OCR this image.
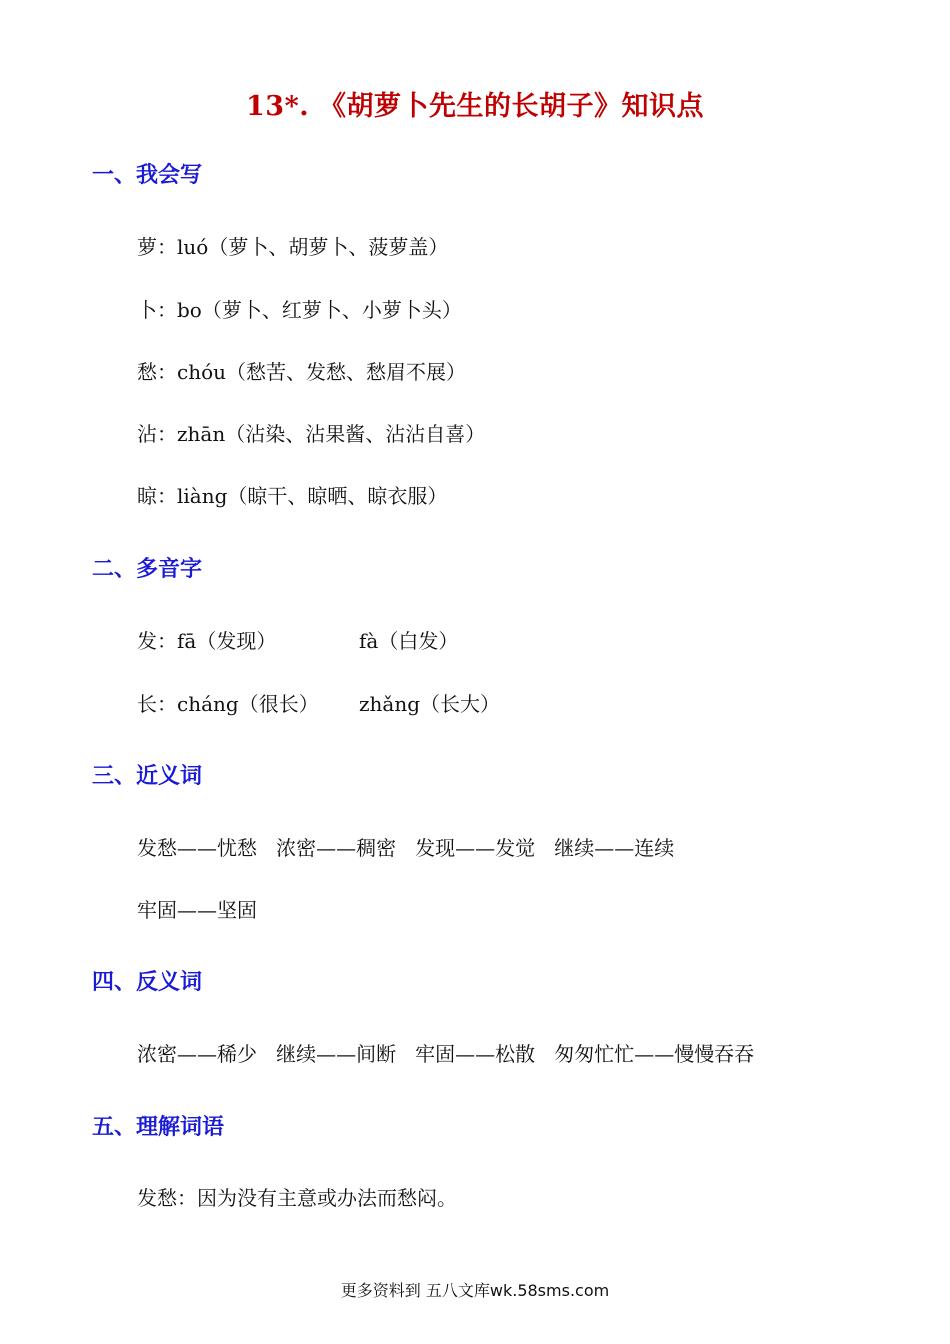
13*. 《胡萝卜先生的长胡子》知识点
一、我会写
萝：luó（萝卜、胡萝卜、菠萝盖）
卜：bo（萝卜、红萝卜、小萝卜头）
愁：chóu（愁苦、发愁、愁眉不展）
沾：zhān（沾染、沾果酱、沾沾自喜）
晾：liàng（晾干、晾晒、晾衣服）
二、多音字
发：fā（发现）	fà（白发）
长：cháng（很长） zhǎng（长大）
三、近义词
发愁——忧愁   浓密——稠密   发现——发觉   继续——连续
牢固——坚固
四、反义词
浓密——稀少   继续——间断   牢固——松散   匆匆忙忙——慢慢吞吞
五、理解词语
发愁：因为没有主意或办法而愁闷。
更多资料到 五八文库wk.58sms.com
